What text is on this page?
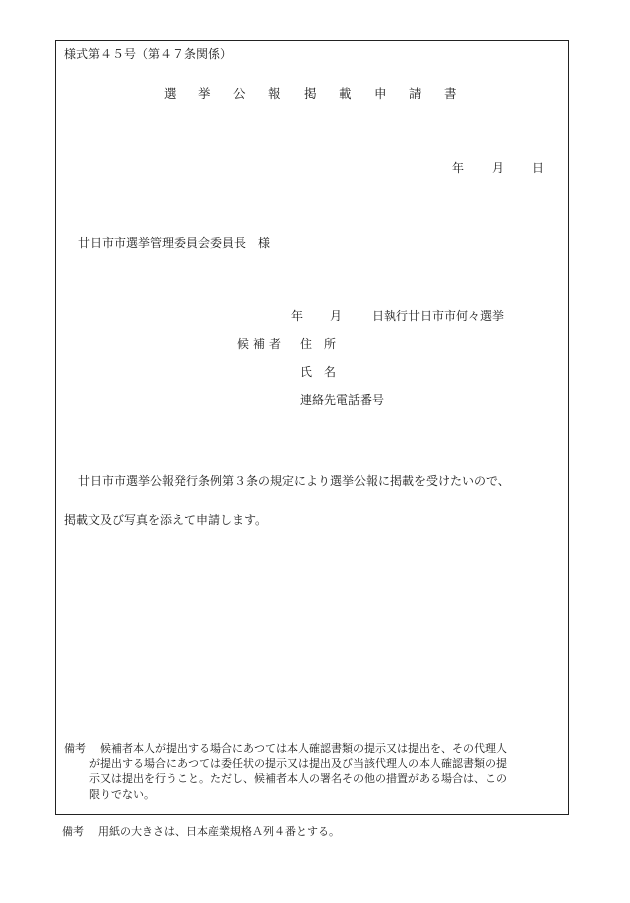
様式第４５号（第４７条関係）
選 挙 公 報 掲 載 申 請 書
年 月 日
廿日市市選挙管理委員会委員長　様
年 月 日執行廿日市市何々選挙
候補者 住　所
氏　名
連絡先電話番号
廿日市市選挙公報発行条例第３条の規定により選挙公報に掲載を受けたいので、
掲載文及び写真を添えて申請します。
備考 候補者本人が提出する場合にあつては本人確認書類の提示又は提出を、その代理人
が提出する場合にあつては委任状の提示又は提出及び当該代理人の本人確認書類の提
示又は提出を行うこと。ただし、候補者本人の署名その他の措置がある場合は、この
限りでない。
備考 用紙の大きさは、日本産業規格Ａ列４番とする。
